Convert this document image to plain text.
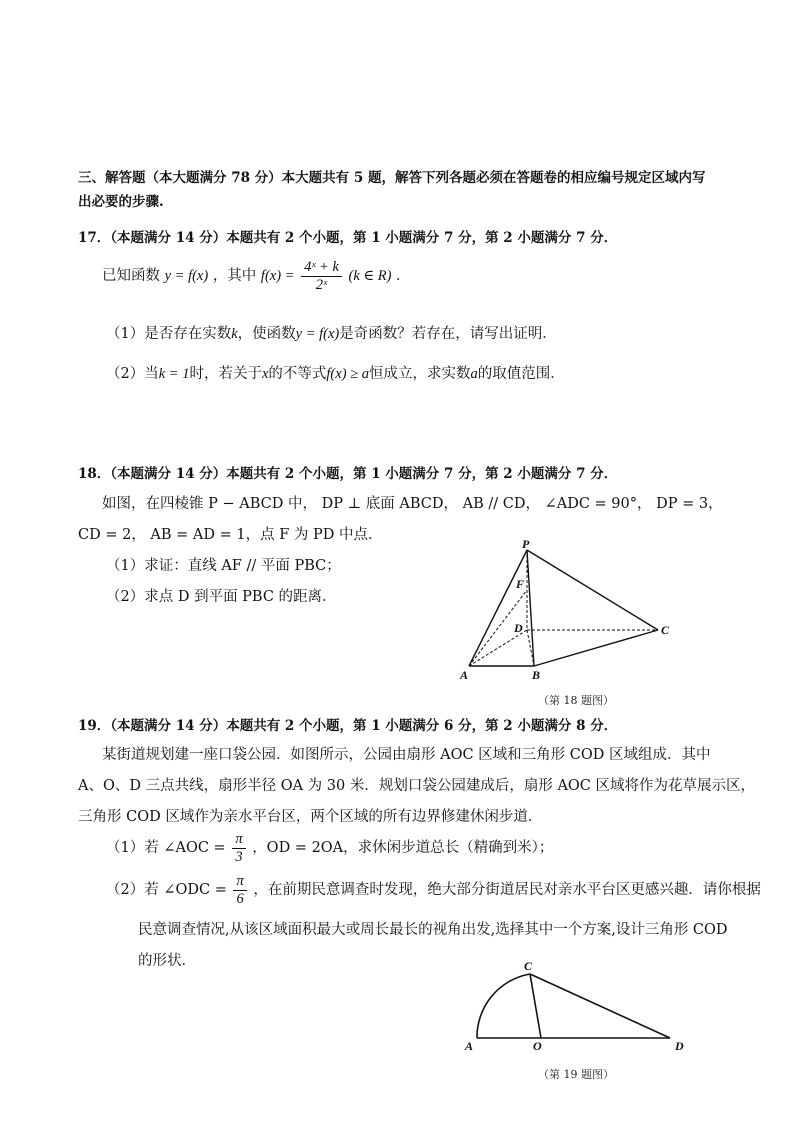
三、解答题（本大题满分 78 分）本大题共有 5 题，解答下列各题必须在答题卷的相应编号规定区域内写
出必要的步骤.
17．（本题满分 14 分）本题共有 2 个小题，第 1 小题满分 7 分，第 2 小题满分 7 分．
已知函数 y = f(x) ，其中 $f(x) = \frac{\text{4ˣ + k}}{\text{2ˣ}} (k$ ∈ R) ．
（1）是否存在实数k，使函数y = f(x)是奇函数？若存在，请写出证明．
（2）当k = 1时，若关于x的不等式f(x) ≥ a恒成立，求实数a的取值范围．
18．（本题满分 14 分）本题共有 2 个小题，第 1 小题满分 7 分，第 2 小题满分 7 分．
如图，在四棱锥 P − ABCD 中， DP ⊥ 底面 ABCD， AB // CD， ∠ADC = 90°， DP = 3，
CD = 2， AB = AD = 1，点 F 为 PD 中点．
（1）求证：直线 AF // 平面 PBC；
（2）求点 D 到平面 PBC 的距离．
P
F
D	C
A	B
（第 18 题图）
19．（本题满分 14 分）本题共有 2 个小题，第 1 小题满分 6 分，第 2 小题满分 8 分．
某街道规划建一座口袋公园．如图所示，公园由扇形 AOC 区域和三角形 COD 区域组成．其中
A、O、D 三点共线，扇形半径 OA 为 30 米．规划口袋公园建成后，扇形 AOC 区域将作为花草展示区，
三角形 COD 区域作为亲水平台区，两个区域的所有边界修建休闲步道．
（1）若 ∠AOC = $\frac{\pi}{3}$ ，OD = 2OA，求休闲步道总长（精确到米）；
（2）若 ∠ODC = $\frac{\pi}{6}$ ，在前期民意调查时发现，绝大部分街道居民对亲水平台区更感兴趣．请你根据
民意调查情况,从该区域面积最大或周长最长的视角出发,选择其中一个方案,设计三角形 COD
的形状．	C
A	O	D
（第 19 题图）
